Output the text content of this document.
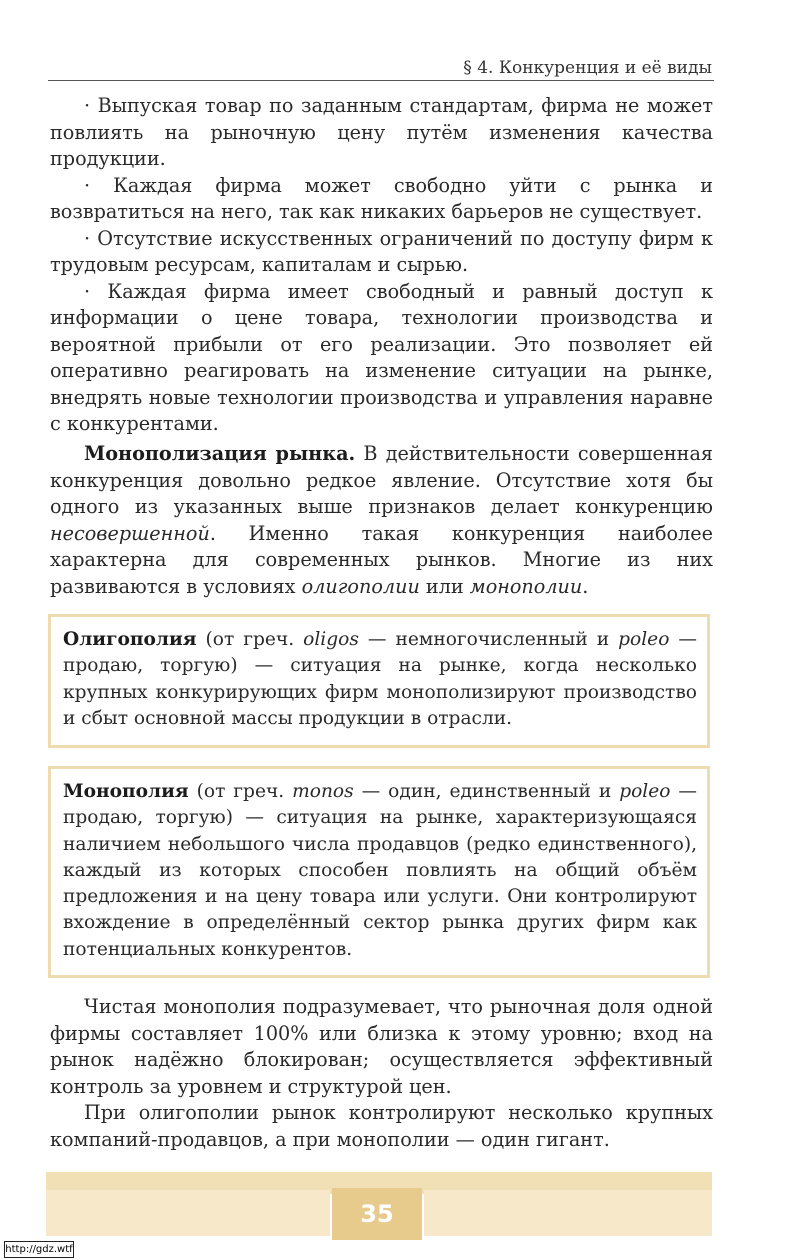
§ 4. Конкуренция и её виды

· Выпуская товар по заданным стандартам, фирма не может повлиять на рыночную цену путём изменения качества продукции.

· Каждая фирма может свободно уйти с рынка и возвратиться на него, так как никаких барьеров не существует.

· Отсутствие искусственных ограничений по доступу фирм к трудовым ресурсам, капиталам и сырью.

· Каждая фирма имеет свободный и равный доступ к информации о цене товара, технологии производства и вероятной прибыли от его реализации. Это позволяет ей оперативно реагировать на изменение ситуации на рынке, внедрять новые технологии производства и управления наравне с конкурентами.

Монополизация рынка. В действительности совершенная конкуренция довольно редкое явление. Отсутствие хотя бы одного из указанных выше признаков делает конкуренцию несовершенной. Именно такая конкуренция наиболее характерна для современных рынков. Многие из них развиваются в условиях олигополии или монополии.

Олигополия (от греч. oligos — немногочисленный и poleo — продаю, торгую) — ситуация на рынке, когда несколько крупных конкурирующих фирм монополизируют производство и сбыт основной массы продукции в отрасли.

Монополия (от греч. monos — один, единственный и poleo — продаю, торгую) — ситуация на рынке, характеризующаяся наличием небольшого числа продавцов (редко единственного), каждый из которых способен повлиять на общий объём предложения и на цену товара или услуги. Они контролируют вхождение в определённый сектор рынка других фирм как потенциальных конкурентов.

Чистая монополия подразумевает, что рыночная доля одной фирмы составляет 100% или близка к этому уровню; вход на рынок надёжно блокирован; осуществляется эффективный контроль за уровнем и структурой цен.

При олигополии рынок контролируют несколько крупных компаний-продавцов, а при монополии — один гигант.

35
http://gdz.wtf
